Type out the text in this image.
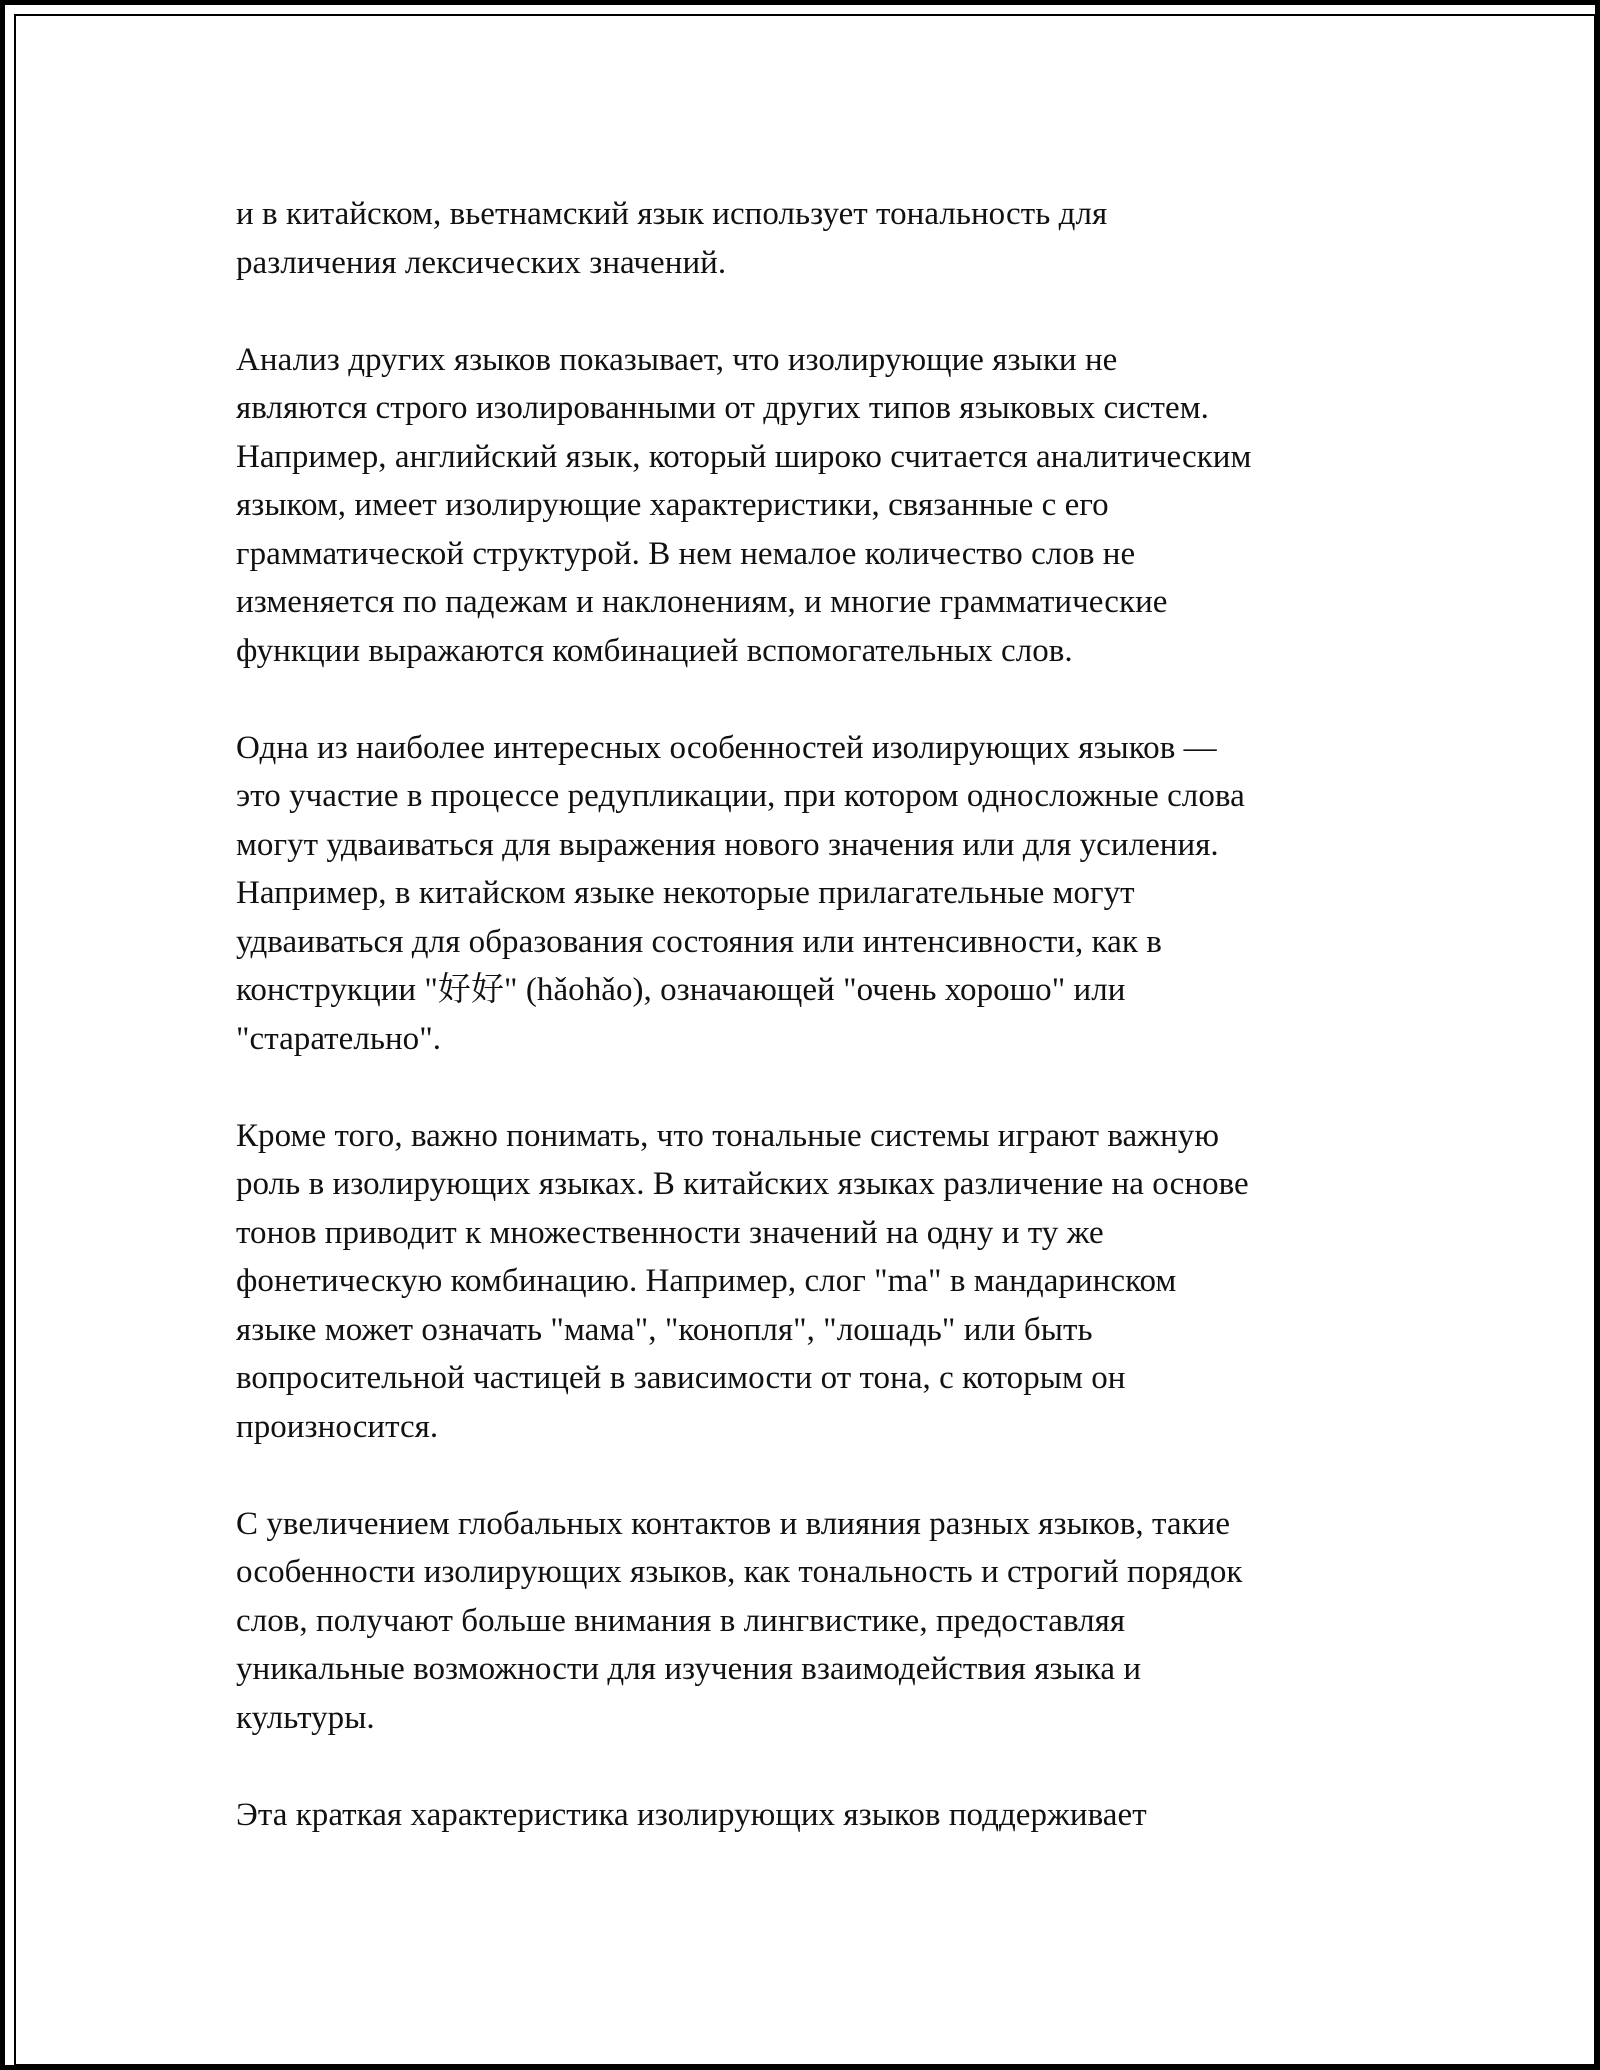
и в китайском, вьетнамский язык использует тональность для
различения лексических значений.

Анализ других языков показывает, что изолирующие языки не
являются строго изолированными от других типов языковых систем.
Например, английский язык, который широко считается аналитическим
языком, имеет изолирующие характеристики, связанные с его
грамматической структурой. В нем немалое количество слов не
изменяется по падежам и наклонениям, и многие грамматические
функции выражаются комбинацией вспомогательных слов.

Одна из наиболее интересных особенностей изолирующих языков —
это участие в процессе редупликации, при котором односложные слова
могут удваиваться для выражения нового значения или для усиления.
Например, в китайском языке некоторые прилагательные могут
удваиваться для образования состояния или интенсивности, как в
конструкции "好好" (hǎohǎo), означающей "очень хорошо" или
"старательно".

Кроме того, важно понимать, что тональные системы играют важную
роль в изолирующих языках. В китайских языках различение на основе
тонов приводит к множественности значений на одну и ту же
фонетическую комбинацию. Например, слог "ma" в мандаринском
языке может означать "мама", "конопля", "лошадь" или быть
вопросительной частицей в зависимости от тона, с которым он
произносится.

С увеличением глобальных контактов и влияния разных языков, такие
особенности изолирующих языков, как тональность и строгий порядок
слов, получают больше внимания в лингвистике, предоставляя
уникальные возможности для изучения взаимодействия языка и
культуры.

Эта краткая характеристика изолирующих языков поддерживает
